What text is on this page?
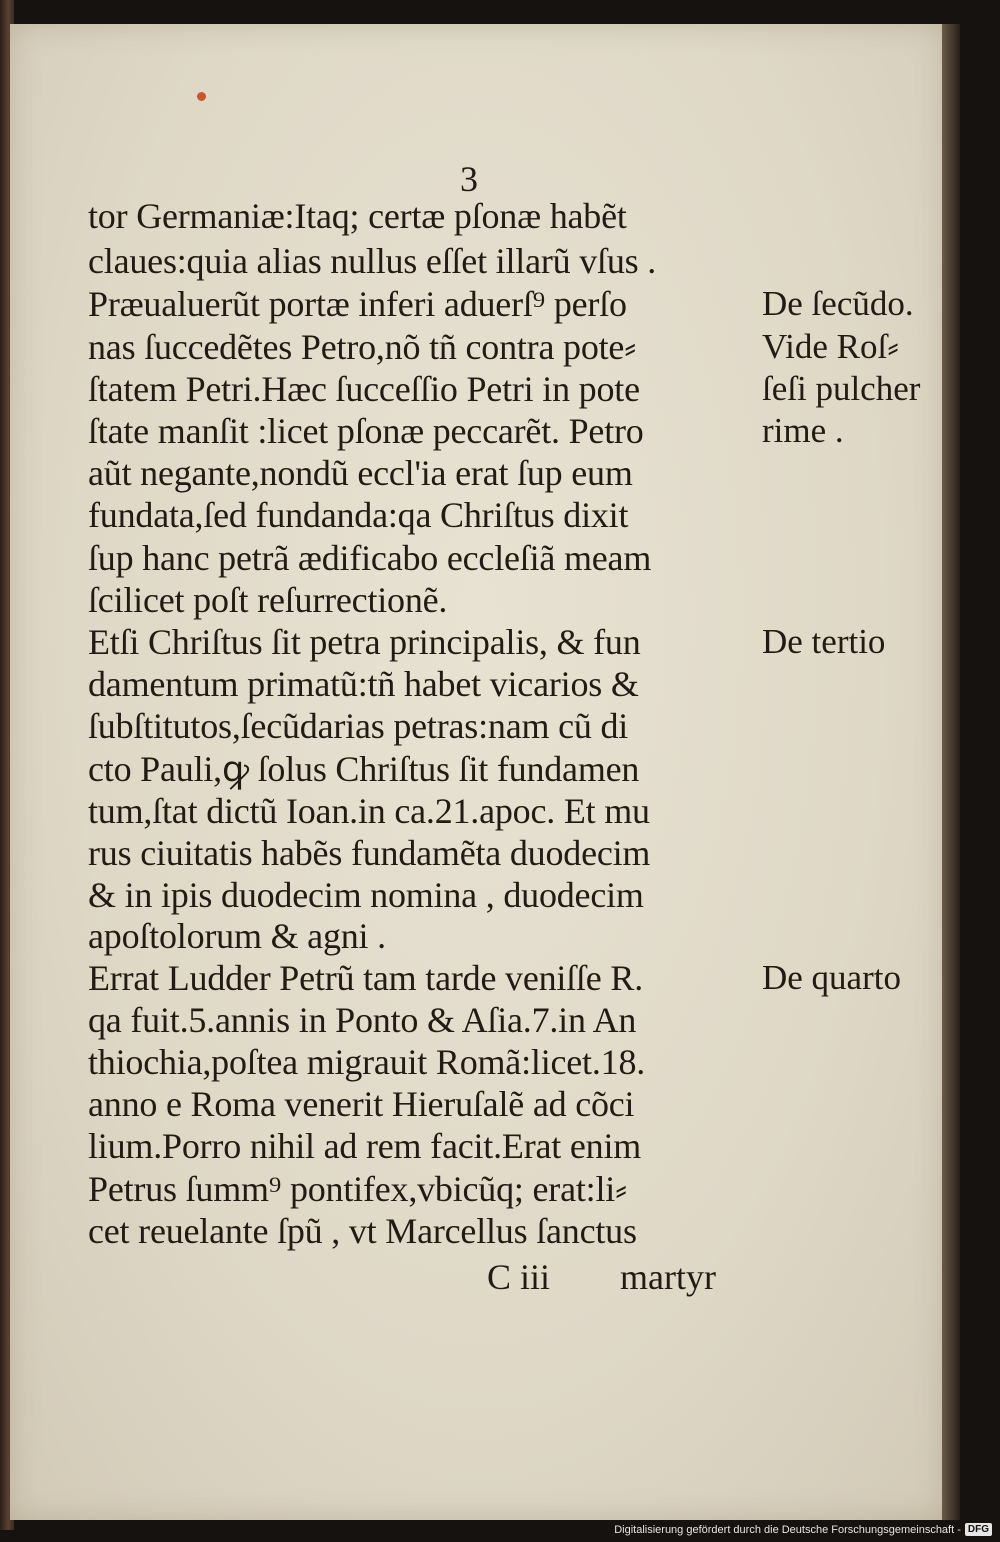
3
tor Germaniæ:Itaq; certæ pſonæ habẽt
claues:quia alias nullus eſſet illarũ vſus .
Præualuerũt portæ inferi aduerſ⁹ perſo
nas ſuccedẽtes Petro,nõ tñ contra pote⸗
ſtatem Petri.Hæc ſucceſſio Petri in pote
ſtate manſit :licet pſonæ peccarẽt. Petro
aũt negante,nondũ eccl'ia erat ſup eum
fundata,ſed fundanda:qa Chriſtus dixit
ſup hanc petrã ædificabo eccleſiã meam
ſcilicet poſt reſurrectionẽ.
Etſi Chriſtus ſit petra principalis, & fun
damentum primatũ:tñ habet vicarios &
ſubſtitutos,ſecũdarias petras:nam cũ di
cto Pauli,ꝙ ſolus Chriſtus ſit fundamen
tum,ſtat dictũ Ioan.in ca.21.apoc. Et mu
rus ciuitatis habẽs fundamẽta duodecim
& in ipis duodecim nomina , duodecim
apoſtolorum & agni .
Errat Ludder Petrũ tam tarde veniſſe R.
qa fuit.5.annis in Ponto & Aſia.7.in An
thiochia,poſtea migrauit Romã:licet.18.
anno e Roma venerit Hieruſalẽ ad cõci
lium.Porro nihil ad rem facit.Erat enim
Petrus ſumm⁹ pontifex,vbicũq; erat:li⸗
cet reuelante ſpũ , vt Marcellus ſanctus
De ſecũdo.
Vide Roſ⸗
ſeſi pulcher
rime .
De tertio
De quarto
C iii martyr
Digitalisierung gefördert durch die Deutsche Forschungsgemeinschaft - DFG
